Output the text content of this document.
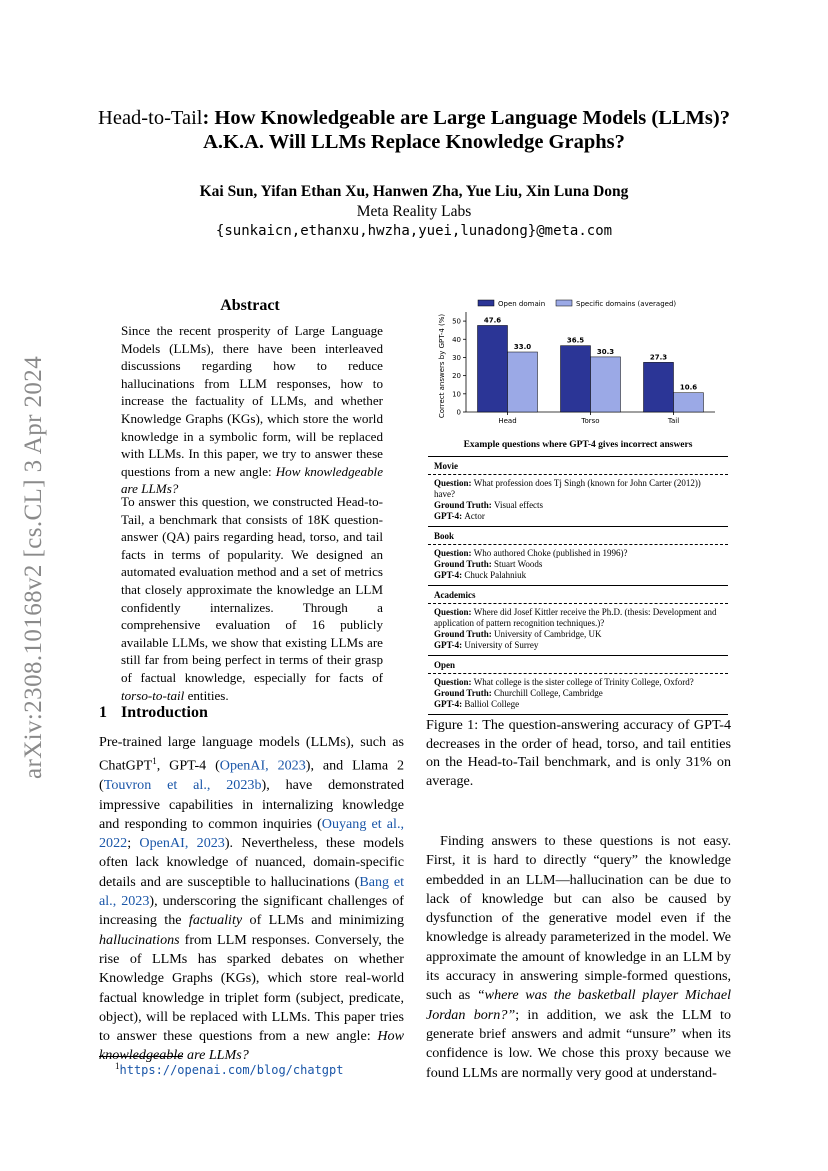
arXiv:2308.10168v2 [cs.CL] 3 Apr 2024
Head-to-Tail: How Knowledgeable are Large Language Models (LLMs)?
A.K.A. Will LLMs Replace Knowledge Graphs?
Kai Sun, Yifan Ethan Xu, Hanwen Zha, Yue Liu, Xin Luna Dong
Meta Reality Labs
{sunkaicn,ethanxu,hwzha,yuei,lunadong}@meta.com
Abstract
Since the recent prosperity of Large Language Models (LLMs), there have been interleaved discussions regarding how to reduce hallucinations from LLM responses, how to increase the factuality of LLMs, and whether Knowledge Graphs (KGs), which store the world knowledge in a symbolic form, will be replaced with LLMs. In this paper, we try to answer these questions from a new angle: How knowledgeable are LLMs?
To answer this question, we constructed Head-to-Tail, a benchmark that consists of 18K question-answer (QA) pairs regarding head, torso, and tail facts in terms of popularity. We designed an automated evaluation method and a set of metrics that closely approximate the knowledge an LLM confidently internalizes. Through a comprehensive evaluation of 16 publicly available LLMs, we show that existing LLMs are still far from being perfect in terms of their grasp of factual knowledge, especially for facts of torso-to-tail entities.
1 Introduction
Pre-trained large language models (LLMs), such as ChatGPT$^1$, GPT-4 (OpenAI, 2023), and Llama 2 (Touvron et al., 2023b), have demonstrated impressive capabilities in internalizing knowledge and responding to common inquiries (Ouyang et al., 2022; OpenAI, 2023). Nevertheless, these models often lack knowledge of nuanced, domain-specific details and are susceptible to hallucinations (Bang et al., 2023), underscoring the significant challenges of increasing the factuality of LLMs and minimizing hallucinations from LLM responses. Conversely, the rise of LLMs has sparked debates on whether Knowledge Graphs (KGs), which store real-world factual knowledge in triplet form (subject, predicate, object), will be replaced with LLMs. This paper tries to answer these questions from a new angle: How knowledgeable are LLMs?
$^1$https://openai.com/blog/chatgpt
Open domain	Specific domains (averaged)
Correct answers by GPT-4 (%) 0
10
20
30
40
50	47.6
33.0
Head
36.5
30.3
Torso
27.3
10.6
Tail
Example questions where GPT-4 gives incorrect answers
Movie
Question: What profession does Tj Singh (known for John Carter (2012)) have?
Ground Truth: Visual effects
GPT-4: Actor
Book
Question: Who authored Choke (published in 1996)?
Ground Truth: Stuart Woods
GPT-4: Chuck Palahniuk
Academics
Question: Where did Josef Kittler receive the Ph.D. (thesis: Development and application of pattern recognition techniques.)?
Ground Truth: University of Cambridge, UK
GPT-4: University of Surrey
Open
Question: What college is the sister college of Trinity College, Oxford?
Ground Truth: Churchill College, Cambridge
GPT-4: Balliol College
Figure 1: The question-answering accuracy of GPT-4 decreases in the order of head, torso, and tail entities on the Head-to-Tail benchmark, and is only 31% on average.
Finding answers to these questions is not easy. First, it is hard to directly “query” the knowledge embedded in an LLM—hallucination can be due to lack of knowledge but can also be caused by dysfunction of the generative model even if the knowledge is already parameterized in the model. We approximate the amount of knowledge in an LLM by its accuracy in answering simple-formed questions, such as “where was the basketball player Michael Jordan born?”; in addition, we ask the LLM to generate brief answers and admit “unsure” when its confidence is low. We chose this proxy because we found LLMs are normally very good at understand-
